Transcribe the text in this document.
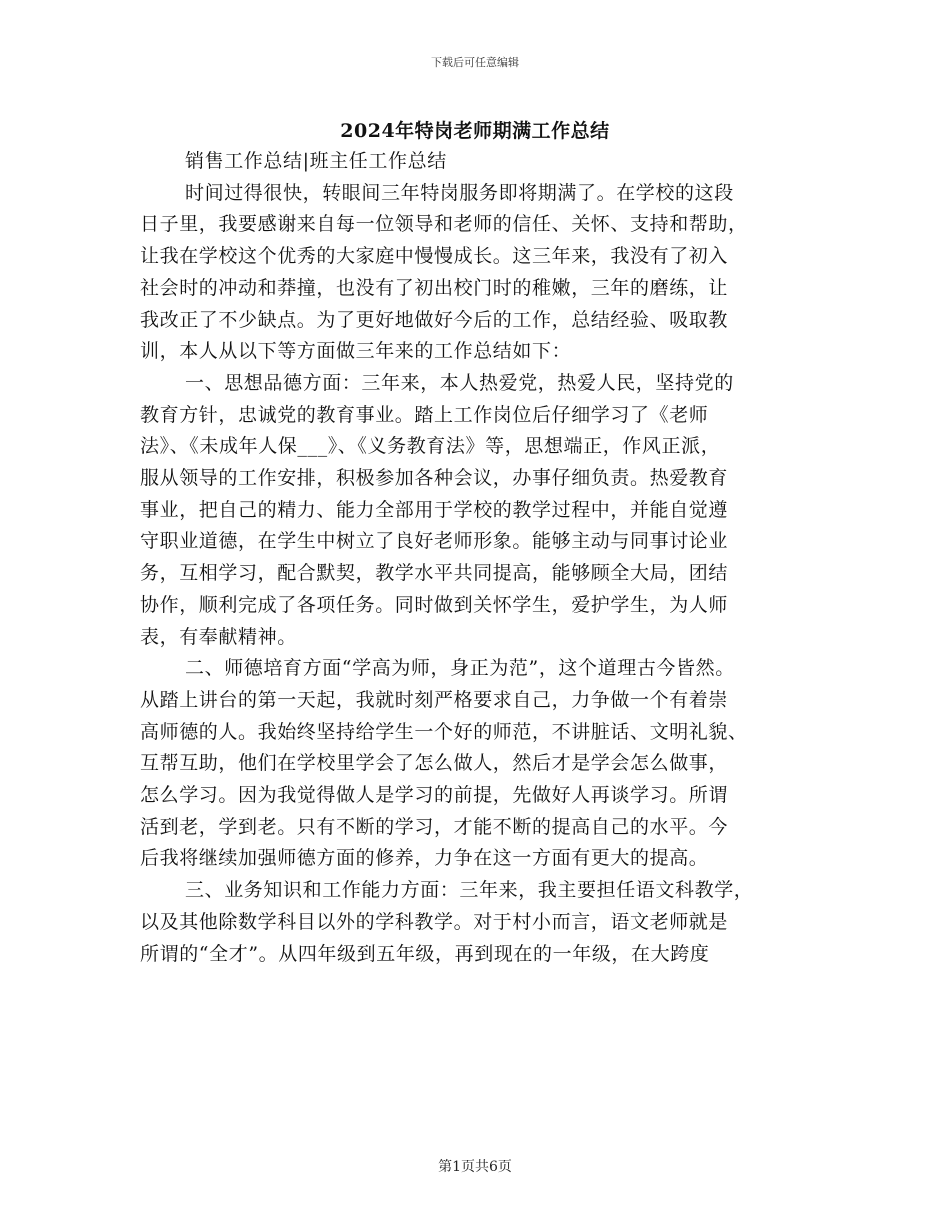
下载后可任意编辑
2024年特岗老师期满工作总结
销售工作总结|班主任工作总结
时间过得很快，转眼间三年特岗服务即将期满了。在学校的这段
日子里，我要感谢来自每一位领导和老师的信任、关怀、支持和帮助，
让我在学校这个优秀的大家庭中慢慢成长。这三年来，我没有了初入
社会时的冲动和莽撞，也没有了初出校门时的稚嫩，三年的磨练，让
我改正了不少缺点。为了更好地做好今后的工作，总结经验、吸取教
训，本人从以下等方面做三年来的工作总结如下：
一、思想品德方面：三年来，本人热爱党，热爱人民，坚持党的
教育方针，忠诚党的教育事业。踏上工作岗位后仔细学习了《老师
法》、《未成年人保___》、《义务教育法》等，思想端正，作风正派，
服从领导的工作安排，积极参加各种会议，办事仔细负责。热爱教育
事业，把自己的精力、能力全部用于学校的教学过程中，并能自觉遵
守职业道德，在学生中树立了良好老师形象。能够主动与同事讨论业
务，互相学习，配合默契，教学水平共同提高，能够顾全大局，团结
协作，顺利完成了各项任务。同时做到关怀学生，爱护学生，为人师
表，有奉献精神。
二、师德培育方面“学高为师，身正为范”，这个道理古今皆然。
从踏上讲台的第一天起，我就时刻严格要求自己，力争做一个有着崇
高师德的人。我始终坚持给学生一个好的师范，不讲脏话、文明礼貌、
互帮互助，他们在学校里学会了怎么做人，然后才是学会怎么做事，
怎么学习。因为我觉得做人是学习的前提，先做好人再谈学习。所谓
活到老，学到老。只有不断的学习，才能不断的提高自己的水平。今
后我将继续加强师德方面的修养，力争在这一方面有更大的提高。
三、业务知识和工作能力方面：三年来，我主要担任语文科教学，
以及其他除数学科目以外的学科教学。对于村小而言，语文老师就是
所谓的“全才”。从四年级到五年级，再到现在的一年级，在大跨度
第1页共6页
